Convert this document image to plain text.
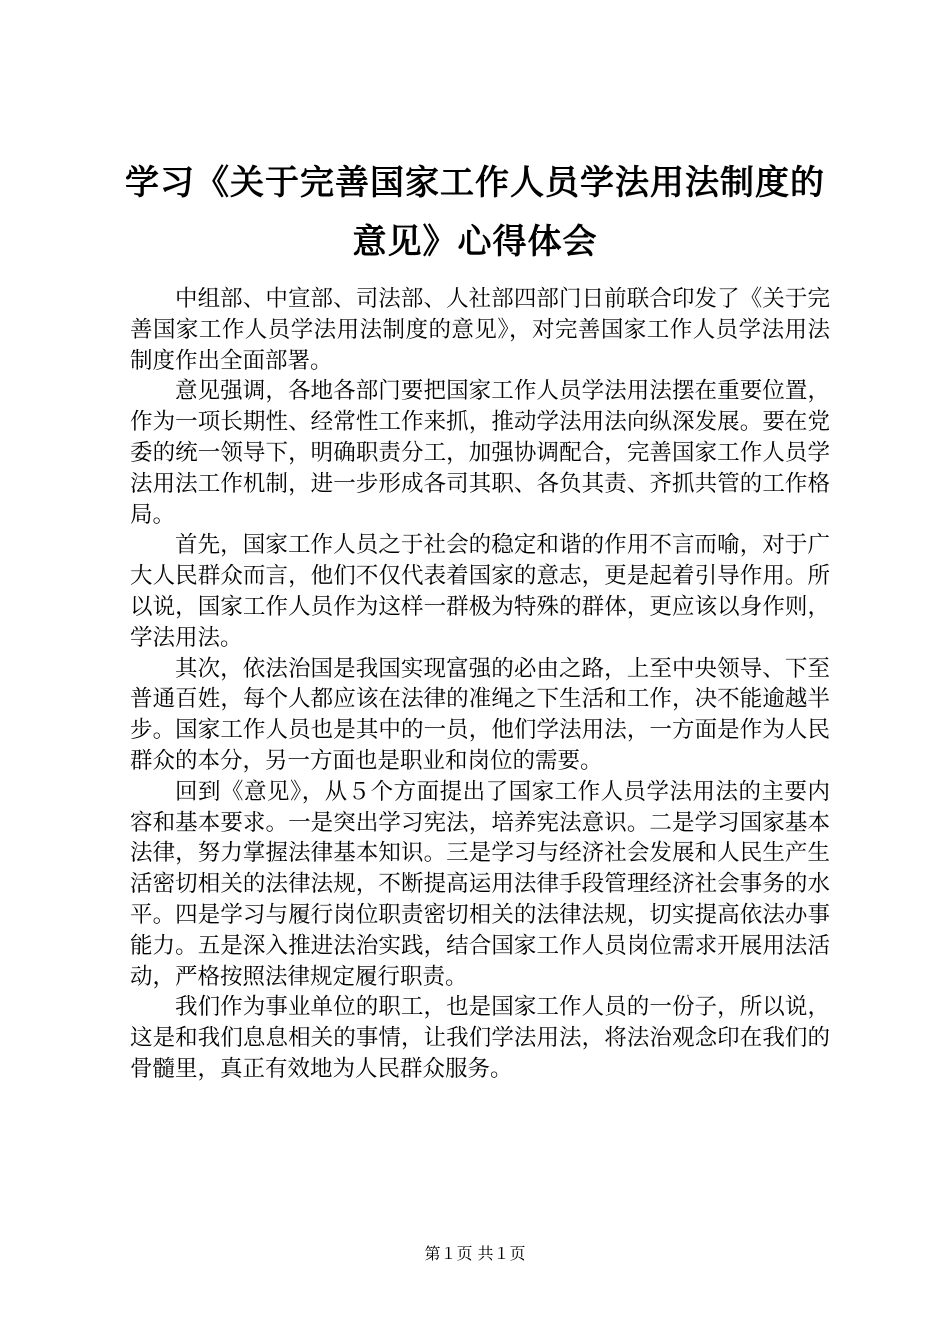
学习《关于完善国家工作人员学法用法制度的
意见》心得体会

中组部、中宣部、司法部、人社部四部门日前联合印发了《关于完善国家工作人员学法用法制度的意见》，对完善国家工作人员学法用法制度作出全面部署。

意见强调，各地各部门要把国家工作人员学法用法摆在重要位置，作为一项长期性、经常性工作来抓，推动学法用法向纵深发展。要在党委的统一领导下，明确职责分工，加强协调配合，完善国家工作人员学法用法工作机制，进一步形成各司其职、各负其责、齐抓共管的工作格局。

首先，国家工作人员之于社会的稳定和谐的作用不言而喻，对于广大人民群众而言，他们不仅代表着国家的意志，更是起着引导作用。所以说，国家工作人员作为这样一群极为特殊的群体，更应该以身作则，学法用法。

其次，依法治国是我国实现富强的必由之路，上至中央领导、下至普通百姓，每个人都应该在法律的准绳之下生活和工作，决不能逾越半步。国家工作人员也是其中的一员，他们学法用法，一方面是作为人民群众的本分，另一方面也是职业和岗位的需要。

回到《意见》，从５个方面提出了国家工作人员学法用法的主要内容和基本要求。一是突出学习宪法，培养宪法意识。二是学习国家基本法律，努力掌握法律基本知识。三是学习与经济社会发展和人民生产生活密切相关的法律法规，不断提高运用法律手段管理经济社会事务的水平。四是学习与履行岗位职责密切相关的法律法规，切实提高依法办事能力。五是深入推进法治实践，结合国家工作人员岗位需求开展用法活动，严格按照法律规定履行职责。

我们作为事业单位的职工，也是国家工作人员的一份子，所以说，这是和我们息息相关的事情，让我们学法用法，将法治观念印在我们的骨髓里，真正有效地为人民群众服务。

第１页 共１页
